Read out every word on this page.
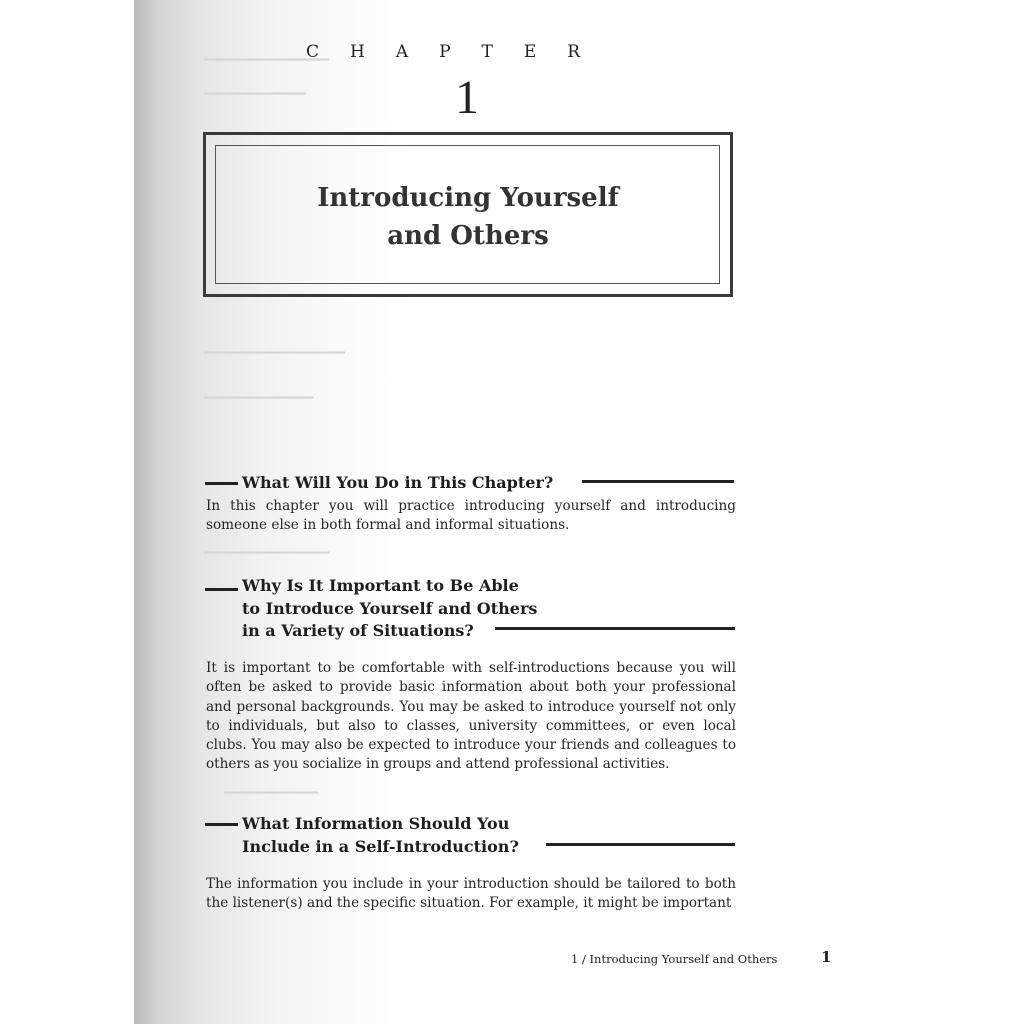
━━━━━━━━━━━━━━━━
━━━━━━━━━━━━━
━━━━━━━━━━━━━━━━━━
━━━━━━━━━━━━━━
━━━━━━━━━━━━━━━━
━━━━━━━━━━━━
CHAPTER
1
Introducing Yourself
and Others
What Will You Do in This Chapter?
In this chapter you will practice introducing yourself and introducing someone else in both formal and informal situations.
Why Is It Important to Be Able
to Introduce Yourself and Others
in a Variety of Situations?
It is important to be comfortable with self-introductions because you will often be asked to provide basic information about both your professional and personal backgrounds. You may be asked to introduce yourself not only to individuals, but also to classes, university committees, or even local clubs. You may also be expected to introduce your friends and colleagues to others as you socialize in groups and attend professional activities.
What Information Should You
Include in a Self-Introduction?
The information you include in your introduction should be tailored to both the listener(s) and the specific situation. For example, it might be important
1 / Introducing Yourself and Others	1
